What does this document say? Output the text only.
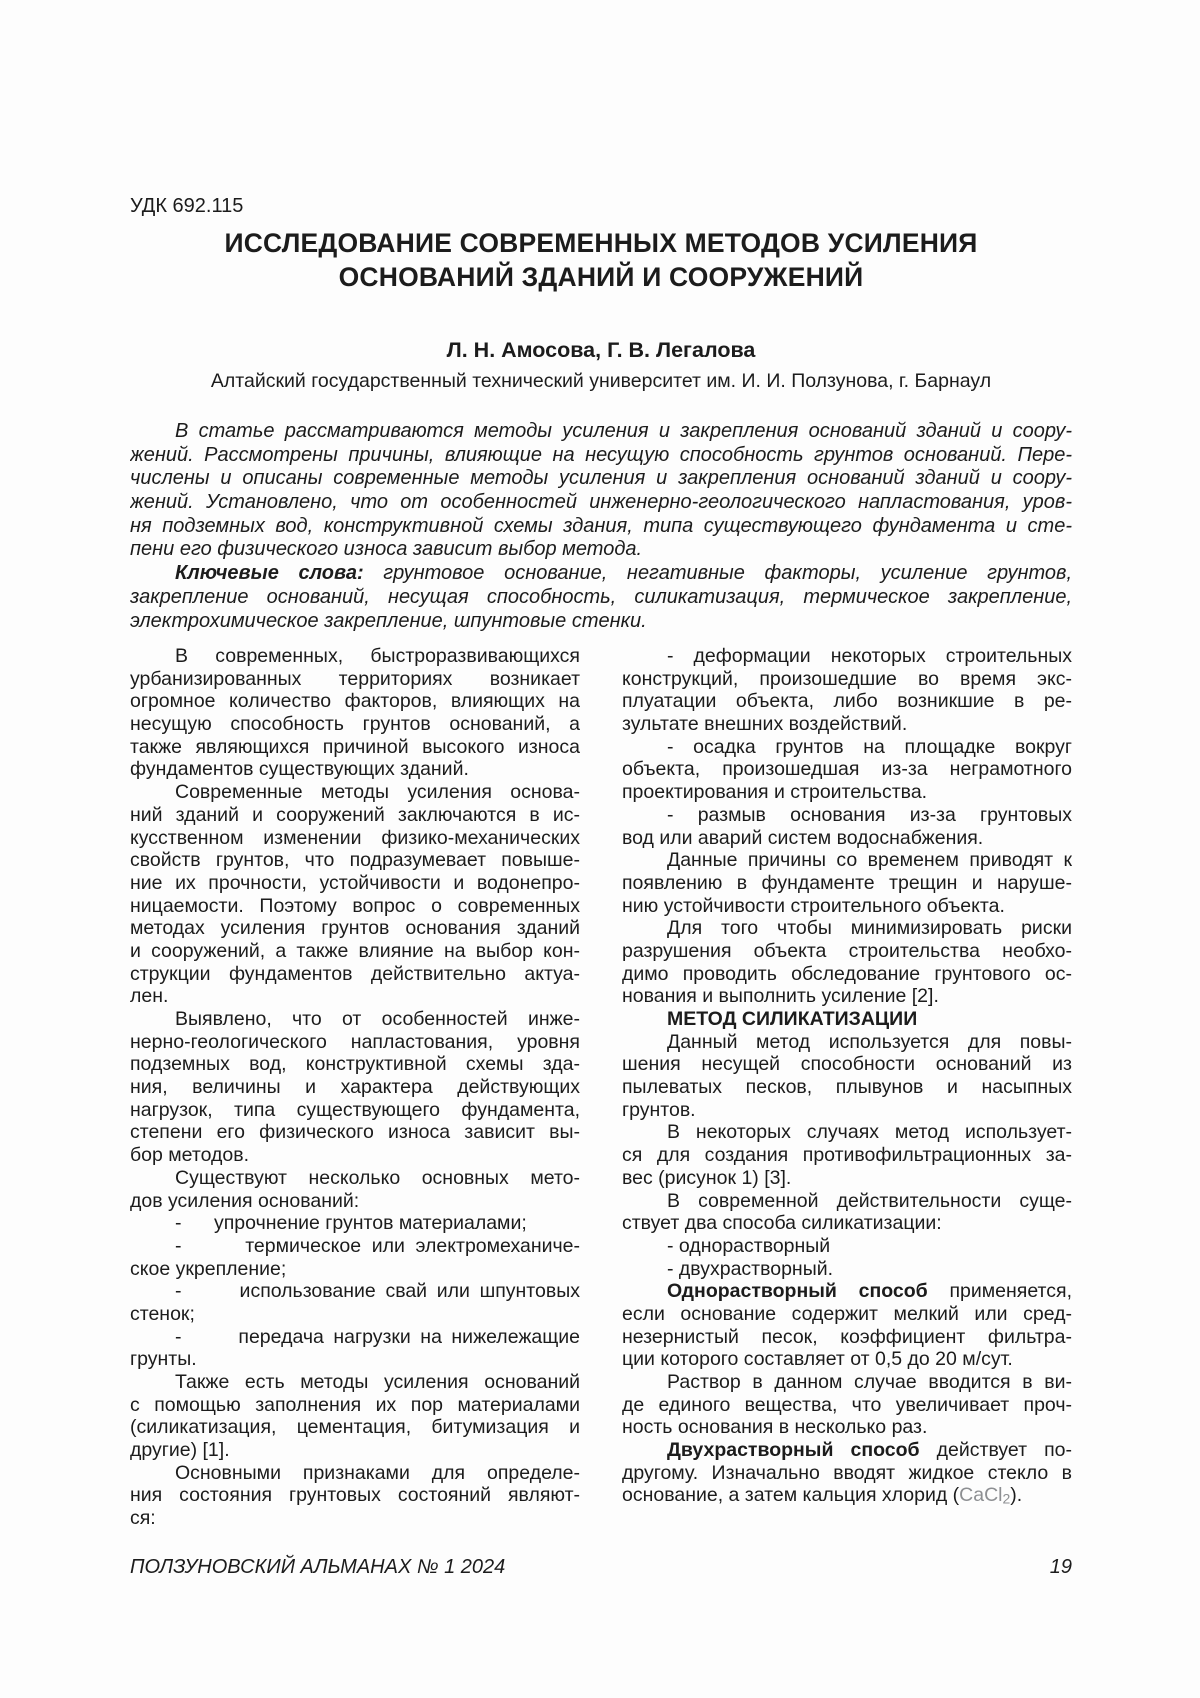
УДК 692.115
ИССЛЕДОВАНИЕ СОВРЕМЕННЫХ МЕТОДОВ УСИЛЕНИЯ
ОСНОВАНИЙ ЗДАНИЙ И СООРУЖЕНИЙ
Л. Н. Амосова, Г. В. Легалова
Алтайский государственный технический университет им. И. И. Ползунова, г. Барнаул
В статье рассматриваются методы усиления и закрепления оснований зданий и соору-
жений. Рассмотрены причины, влияющие на несущую способность грунтов оснований. Пере-
числены и описаны современные методы усиления и закрепления оснований зданий и соору-
жений. Установлено, что от особенностей инженерно-геологического напластования, уров-
ня подземных вод, конструктивной схемы здания, типа существующего фундамента и сте-
пени его физического износа зависит выбор метода.
Ключевые слова: грунтовое основание, негативные факторы, усиление грунтов,
закрепление оснований, несущая способность, силикатизация, термическое закрепление,
электрохимическое закрепление, шпунтовые стенки.
В современных, быстроразвивающихся
урбанизированных территориях возникает
огромное количество факторов, влияющих на
несущую способность грунтов оснований, а
также являющихся причиной высокого износа
фундаментов существующих зданий.
Современные методы усиления основа-
ний зданий и сооружений заключаются в ис-
кусственном изменении физико-механических
свойств грунтов, что подразумевает повыше-
ние их прочности, устойчивости и водонепро-
ницаемости. Поэтому вопрос о современных
методах усиления грунтов основания зданий
и сооружений, а также влияние на выбор кон-
струкции фундаментов действительно актуа-
лен.
Выявлено, что от особенностей инже-
нерно-геологического напластования, уровня
подземных вод, конструктивной схемы зда-
ния, величины и характера действующих
нагрузок, типа существующего фундамента,
степени его физического износа зависит вы-
бор методов.
Существуют несколько основных мето-
дов усиления оснований:
-      упрочнение грунтов материалами;
-      термическое или электромеханиче-
ское укрепление;
-      использование свай или шпунтовых
стенок;
-      передача нагрузки на нижележащие
грунты.
Также есть методы усиления оснований
с помощью заполнения их пор материалами
(силикатизация, цементация, битумизация и
другие) [1].
Основными признаками для определе-
ния состояния грунтовых состояний являют-
ся:
- деформации некоторых строительных
конструкций, произошедшие во время экс-
плуатации объекта, либо возникшие в ре-
зультате внешних воздействий.
- осадка грунтов на площадке вокруг
объекта, произошедшая из-за неграмотного
проектирования и строительства.
- размыв основания из-за грунтовых
вод или аварий систем водоснабжения.
Данные причины со временем приводят к
появлению в фундаменте трещин и наруше-
нию устойчивости строительного объекта.
Для того чтобы минимизировать риски
разрушения объекта строительства необхо-
димо проводить обследование грунтового ос-
нования и выполнить усиление [2].
МЕТОД СИЛИКАТИЗАЦИИ
Данный метод используется для повы-
шения несущей способности оснований из
пылеватых песков, плывунов и насыпных
грунтов.
В некоторых случаях метод использует-
ся для создания противофильтрационных за-
вес (рисунок 1) [3].
В современной действительности суще-
ствует два способа силикатизации:
- однорастворный
- двухрастворный.
Однорастворный способ применяется,
если основание содержит мелкий или сред-
незернистый песок, коэффициент фильтра-
ции которого составляет от 0,5 до 20 м/сут.
Раствор в данном случае вводится в ви-
де единого вещества, что увеличивает проч-
ность основания в несколько раз.
Двухрастворный способ действует по-
другому. Изначально вводят жидкое стекло в
основание, а затем кальция хлорид (CaCl2).
ПОЛЗУНОВСКИЙ АЛЬМАНАХ № 1 2024	19
